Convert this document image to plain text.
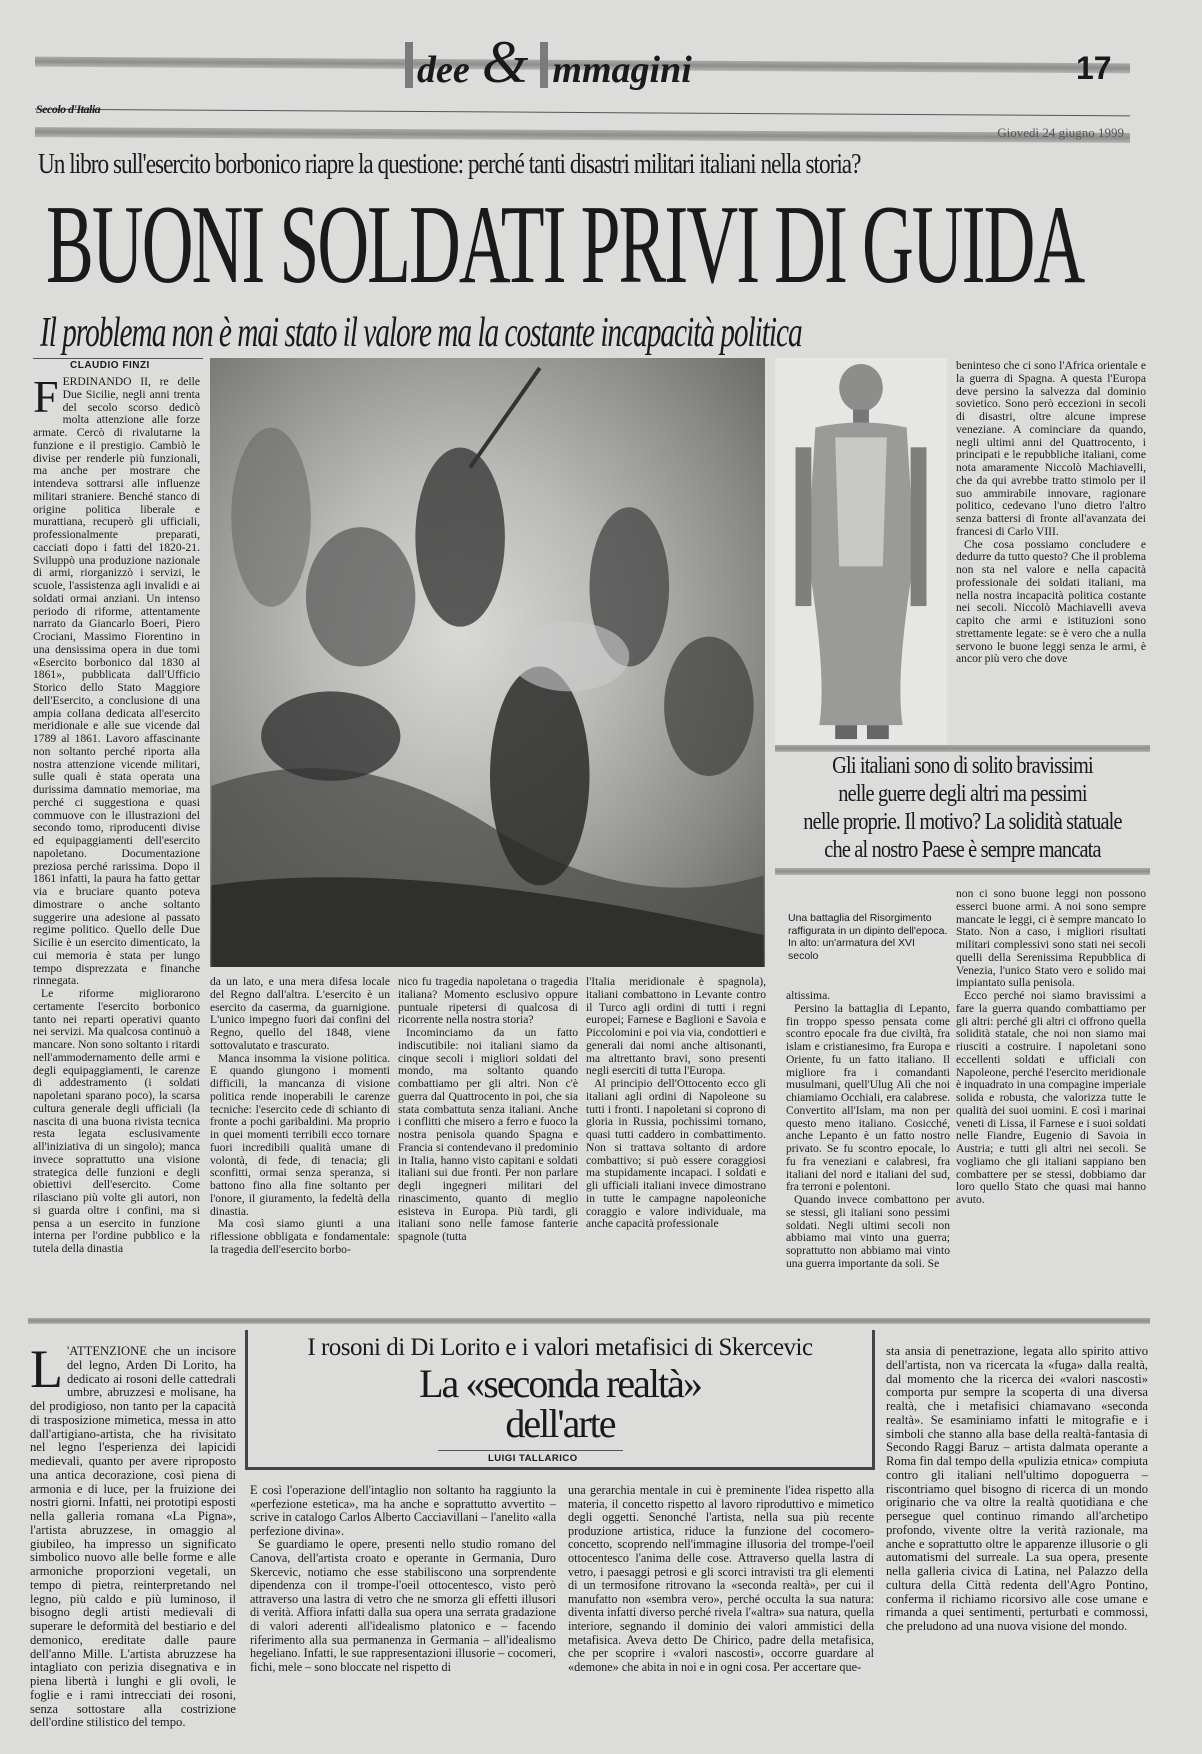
Secolo d'Italia
dee & mmagini	17
Giovedì 24 giugno 1999
Un libro sull'esercito borbonico riapre la questione: perché tanti disastri militari italiani nella storia?
BUONI SOLDATI PRIVI DI GUIDA
Il problema non è mai stato il valore ma la costante incapacità politica
CLAUDIO FINZI

FERDINANDO II, re delle Due Sicilie, negli anni trenta del secolo scorso dedicò molta attenzione alle forze armate. Cercò di rivalutarne la funzione e il prestigio. Cambiò le divise per renderle più funzionali, ma anche per mostrare che intendeva sottrarsi alle influenze militari straniere. Benché stanco di origine politica liberale e murattiana, recuperò gli ufficiali, professionalmente preparati, cacciati dopo i fatti del 1820-21. Sviluppò una produzione nazionale di armi, riorganizzò i servizi, le scuole, l'assistenza agli invalidi e ai soldati ormai anziani. Un intenso periodo di riforme, attentamente narrato da Giancarlo Boeri, Piero Crociani, Massimo Fiorentino in una densissima opera in due tomi «Esercito borbonico dal 1830 al 1861», pubblicata dall'Ufficio Storico dello Stato Maggiore dell'Esercito, a conclusione di una ampia collana dedicata all'esercito meridionale e alle sue vicende dal 1789 al 1861. Lavoro affascinante non soltanto perché riporta alla nostra attenzione vicende militari, sulle quali è stata operata una durissima damnatio memoriae, ma perché ci suggestiona e quasi commuove con le illustrazioni del secondo tomo, riproducenti divise ed equipaggiamenti dell'esercito napoletano. Documentazione preziosa perché rarissima. Dopo il 1861 infatti, la paura ha fatto gettar via e bruciare quanto poteva dimostrare o anche soltanto suggerire una adesione al passato regime politico. Quello delle Due Sicilie è un esercito dimenticato, la cui memoria è stata per lungo tempo disprezzata e finanche rinnegata.

Le riforme migliorarono certamente l'esercito borbonico tanto nei reparti operativi quanto nei servizi. Ma qualcosa continuò a mancare. Non sono soltanto i ritardi nell'ammodernamento delle armi e degli equipaggiamenti, le carenze di addestramento (i soldati napoletani sparano poco), la scarsa cultura generale degli ufficiali (la nascita di una buona rivista tecnica resta legata esclusivamente all'iniziativa di un singolo); manca invece soprattutto una visione strategica delle funzioni e degli obiettivi dell'esercito. Come rilasciano più volte gli autori, non si guarda oltre i confini, ma si pensa a un esercito in funzione interna per l'ordine pubblico e la tutela della dinastia

beninteso che ci sono l'Africa orientale e la guerra di Spagna. A questa l'Europa deve persino la salvezza dal dominio sovietico. Sono però eccezioni in secoli di disastri, oltre alcune imprese veneziane. A cominciare da quando, negli ultimi anni del Quattrocento, i principati e le repubbliche italiani, come nota amaramente Niccolò Machiavelli, che da qui avrebbe tratto stimolo per il suo ammirabile innovare, ragionare politico, cedevano l'uno dietro l'altro senza battersi di fronte all'avanzata dei francesi di Carlo VIII.

Che cosa possiamo concludere e dedurre da tutto questo? Che il problema non sta nel valore e nella capacità professionale dei soldati italiani, ma nella nostra incapacità politica costante nei secoli. Niccolò Machiavelli aveva capito che armi e istituzioni sono strettamente legate: se è vero che a nulla servono le buone leggi senza le armi, è ancor più vero che dove

Gli italiani sono di solito bravissimi
nelle guerre degli altri ma pessimi
nelle proprie. Il motivo? La solidità statuale
che al nostro Paese è sempre mancata
Una battaglia del Risorgimento raffigurata in un dipinto dell'epoca. In alto: un'armatura del XVI secolo

non ci sono buone leggi non possono esserci buone armi. A noi sono sempre mancate le leggi, ci è sempre mancato lo Stato. Non a caso, i migliori risultati militari complessivi sono stati nei secoli quelli della Serenissima Repubblica di Venezia, l'unico Stato vero e solido mai impiantato sulla penisola.

Ecco perché noi siamo bravissimi a fare la guerra quando combattiamo per gli altri: perché gli altri ci offrono quella solidità statale, che noi non siamo mai riusciti a costruire. I napoletani sono eccellenti soldati e ufficiali con Napoleone, perché l'esercito meridionale è inquadrato in una compagine imperiale solida e robusta, che valorizza tutte le qualità dei suoi uomini. E così i marinai veneti di Lissa, il Farnese e i suoi soldati nelle Fiandre, Eugenio di Savoia in Austria; e tutti gli altri nei secoli. Se vogliamo che gli italiani sappiano ben combattere per se stessi, dobbiamo dar loro quello Stato che quasi mai hanno avuto.

da un lato, e una mera difesa locale del Regno dall'altra. L'esercito è un esercito da caserma, da guarnigione. L'unico impegno fuori dai confini del Regno, quello del 1848, viene sottovalutato e trascurato.

Manca insomma la visione politica. E quando giungono i momenti difficili, la mancanza di visione politica rende inoperabili le carenze tecniche: l'esercito cede di schianto di fronte a pochi garibaldini. Ma proprio in quei momenti terribili ecco tornare fuori incredibili qualità umane di volontà, di fede, di tenacia; gli sconfitti, ormai senza speranza, si battono fino alla fine soltanto per l'onore, il giuramento, la fedeltà della dinastia.

Ma così siamo giunti a una riflessione obbligata e fondamentale: la tragedia dell'esercito borbo-

nico fu tragedia napoletana o tragedia italiana? Momento esclusivo oppure puntuale ripetersi di qualcosa di ricorrente nella nostra storia?

Incominciamo da un fatto indiscutibile: noi italiani siamo da cinque secoli i migliori soldati del mondo, ma soltanto quando combattiamo per gli altri. Non c'è guerra dal Quattrocento in poi, che sia stata combattuta senza italiani. Anche i conflitti che misero a ferro e fuoco la nostra penisola quando Spagna e Francia si contendevano il predominio in Italia, hanno visto capitani e soldati italiani sui due fronti. Per non parlare degli ingegneri militari del rinascimento, quanto di meglio esisteva in Europa. Più tardi, gli italiani sono nelle famose fanterie spagnole (tutta

l'Italia meridionale è spagnola), italiani combattono in Levante contro il Turco agli ordini di tutti i regni europei; Farnese e Baglioni e Savoia e Piccolomini e poi via via, condottieri e generali dai nomi anche altisonanti, ma altrettanto bravi, sono presenti negli eserciti di tutta l'Europa.

Al principio dell'Ottocento ecco gli italiani agli ordini di Napoleone su tutti i fronti. I napoletani si coprono di gloria in Russia, pochissimi tornano, quasi tutti caddero in combattimento. Non si trattava soltanto di ardore combattivo; si può essere coraggiosi ma stupidamente incapaci. I soldati e gli ufficiali italiani invece dimostrano in tutte le campagne napoleoniche coraggio e valore individuale, ma anche capacità professionale

altissima.

Persino la battaglia di Lepanto, fin troppo spesso pensata come scontro epocale fra due civiltà, fra islam e cristianesimo, fra Europa e Oriente, fu un fatto italiano. Il migliore fra i comandanti musulmani, quell'Ulug Alì che noi chiamiamo Occhiali, era calabrese. Convertito all'Islam, ma non per questo meno italiano. Cosicché, anche Lepanto è un fatto nostro privato. Se fu scontro epocale, lo fu fra veneziani e calabresi, fra italiani del nord e italiani del sud, fra terroni e polentoni.

Quando invece combattono per se stessi, gli italiani sono pessimi soldati. Negli ultimi secoli non abbiamo mai vinto una guerra; soprattutto non abbiamo mai vinto una guerra importante da soli. Se

I rosoni di Di Lorito e i valori metafisici di Skercevic
La «seconda realtà»
dell'arte
LUIGI TALLARICO

L 'ATTENZIONE che un incisore del legno, Arden Di Lorito, ha dedicato ai rosoni delle cattedrali umbre, abruzzesi e molisane, ha del prodigioso, non tanto per la capacità di trasposizione mimetica, messa in atto dall'artigiano-artista, che ha rivisitato nel legno l'esperienza dei lapicidi medievali, quanto per avere riproposto una antica decorazione, così piena di armonia e di luce, per la fruizione dei nostri giorni. Infatti, nei prototipi esposti nella galleria romana «La Pigna», l'artista abruzzese, in omaggio al giubileo, ha impresso un significato simbolico nuovo alle belle forme e alle armoniche proporzioni vegetali, un tempo di pietra, reinterpretando nel legno, più caldo e più luminoso, il bisogno degli artisti medievali di superare le deformità del bestiario e del demonico, ereditate dalle paure dell'anno Mille. L'artista abruzzese ha intagliato con perizia disegnativa e in piena libertà i lunghi e gli ovoli, le foglie e i rami intrecciati dei rosoni, senza sottostare alla costrizione dell'ordine stilistico del tempo.

E così l'operazione dell'intaglio non soltanto ha raggiunto la «perfezione estetica», ma ha anche e soprattutto avvertito – scrive in catalogo Carlos Alberto Cacciavillani – l'anelito «alla perfezione divina».

Se guardiamo le opere, presenti nello studio romano del Canova, dell'artista croato e operante in Germania, Duro Skercevic, notiamo che esse stabiliscono una sorprendente dipendenza con il trompe-l'oeil ottocentesco, visto però attraverso una lastra di vetro che ne smorza gli effetti illusori di verità. Affiora infatti dalla sua opera una serrata gradazione di valori aderenti all'idealismo platonico e – facendo riferimento alla sua permanenza in Germania – all'idealismo hegeliano. Infatti, le sue rappresentazioni illusorie – cocomeri, fichi, mele – sono bloccate nel rispetto di

una gerarchia mentale in cui è preminente l'idea rispetto alla materia, il concetto rispetto al lavoro riproduttivo e mimetico degli oggetti. Senonché l'artista, nella sua più recente produzione artistica, riduce la funzione del cocomero-concetto, scoprendo nell'immagine illusoria del trompe-l'oeil ottocentesco l'anima delle cose. Attraverso quella lastra di vetro, i paesaggi petrosi e gli scorci intravisti tra gli elementi di un termosifone ritrovano la «seconda realtà», per cui il manufatto non «sembra vero», perché occulta la sua natura: diventa infatti diverso perché rivela l'«altra» sua natura, quella interiore, segnando il dominio dei valori ammistici della metafisica. Aveva detto De Chirico, padre della metafisica, che per scoprire i «valori nascosti», occorre guardare al «demone» che abita in noi e in ogni cosa. Per accertare que-

sta ansia di penetrazione, legata allo spirito attivo dell'artista, non va ricercata la «fuga» dalla realtà, dal momento che la ricerca dei «valori nascosti» comporta pur sempre la scoperta di una diversa realtà, che i metafisici chiamavano «seconda realtà». Se esaminiamo infatti le mitografie e i simboli che stanno alla base della realtà-fantasia di Secondo Raggi Baruz – artista dalmata operante a Roma fin dal tempo della «pulizia etnica» compiuta contro gli italiani nell'ultimo dopoguerra – riscontriamo quel bisogno di ricerca di un mondo originario che va oltre la realtà quotidiana e che persegue quel continuo rimando all'archetipo profondo, vivente oltre la verità razionale, ma anche e soprattutto oltre le apparenze illusorie o gli automatismi del surreale. La sua opera, presente nella galleria civica di Latina, nel Palazzo della cultura della Città redenta dell'Agro Pontino, conferma il richiamo ricorsivo alle cose umane e rimanda a quei sentimenti, perturbati e commossi, che preludono ad una nuova visione del mondo.
